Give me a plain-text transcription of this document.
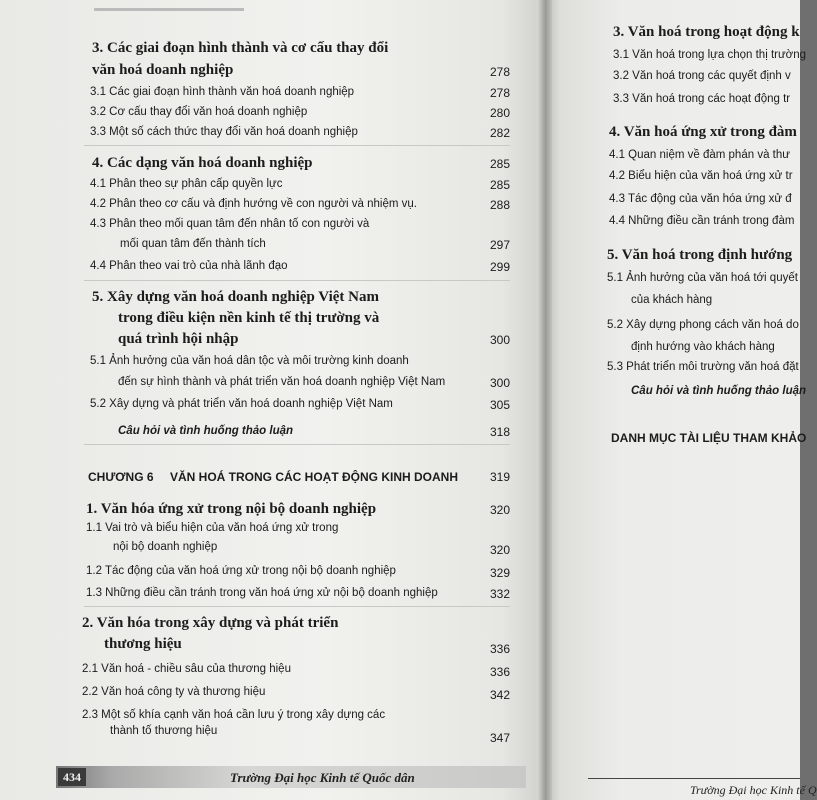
3. Các giai đoạn hình thành và cơ cấu thay đổi
văn hoá doanh nghiệp	278
3.1 Các giai đoạn hình thành văn hoá doanh nghiệp	278
3.2 Cơ cấu thay đổi văn hoá doanh nghiệp	280
3.3 Một số cách thức thay đổi văn hoá doanh nghiệp	282
4. Các dạng văn hoá doanh nghiệp	285
4.1 Phân theo sự phân cấp quyền lực	285
4.2 Phân theo cơ cấu và định hướng về con người và nhiệm vụ.	288
4.3 Phân theo mối quan tâm đến nhân tố con người và
mối quan tâm đến thành tích	297
4.4 Phân theo vai trò của nhà lãnh đạo	299
5. Xây dựng văn hoá doanh nghiệp Việt Nam
trong điều kiện nền kinh tế thị trường và
quá trình hội nhập	300
5.1 Ảnh hưởng của văn hoá dân tộc và môi trường kinh doanh
đến sự hình thành và phát triển văn hoá doanh nghiệp Việt Nam	300
5.2 Xây dựng và phát triển văn hoá doanh nghiệp Việt Nam	305
Câu hỏi và tình huống thảo luận	318
CHƯƠNG 6 VĂN HOÁ TRONG CÁC HOẠT ĐỘNG KINH DOANH	319
1. Văn hóa ứng xử trong nội bộ doanh nghiệp	320
1.1 Vai trò và biểu hiện của văn hoá ứng xử trong
nội bộ doanh nghiệp	320
1.2 Tác động của văn hoá ứng xử trong nội bộ doanh nghiệp	329
1.3 Những điều cần tránh trong văn hoá ứng xử nội bộ doanh nghiệp	332
2. Văn hóa trong xây dựng và phát triển
thương hiệu	336
2.1 Văn hoá - chiều sâu của thương hiệu	336
2.2 Văn hoá công ty và thương hiệu	342
2.3 Một số khía cạnh văn hoá cần lưu ý trong xây dựng các
thành tố thương hiệu	347
434	Trường Đại học Kinh tế Quốc dân
3. Văn hoá trong hoạt động k
3.1 Văn hoá trong lựa chọn thị trường
3.2 Văn hoá trong các quyết định v
3.3 Văn hoá trong các hoạt động tr
4. Văn hoá ứng xử trong đàm
4.1 Quan niệm về đàm phán và thư
4.2 Biểu hiện của văn hoá ứng xử tr
4.3 Tác động của văn hóa ứng xử đ
4.4 Những điều cần tránh trong đàm
5. Văn hoá trong định hướng
5.1 Ảnh hưởng của văn hoá tới quyết
của khách hàng
5.2 Xây dựng phong cách văn hoá do
định hướng vào khách hàng
5.3 Phát triển môi trường văn hoá đặt
Câu hỏi và tình huống thảo luận
DANH MỤC TÀI LIỆU THAM KHẢO
Trường Đại học Kinh tế Q
